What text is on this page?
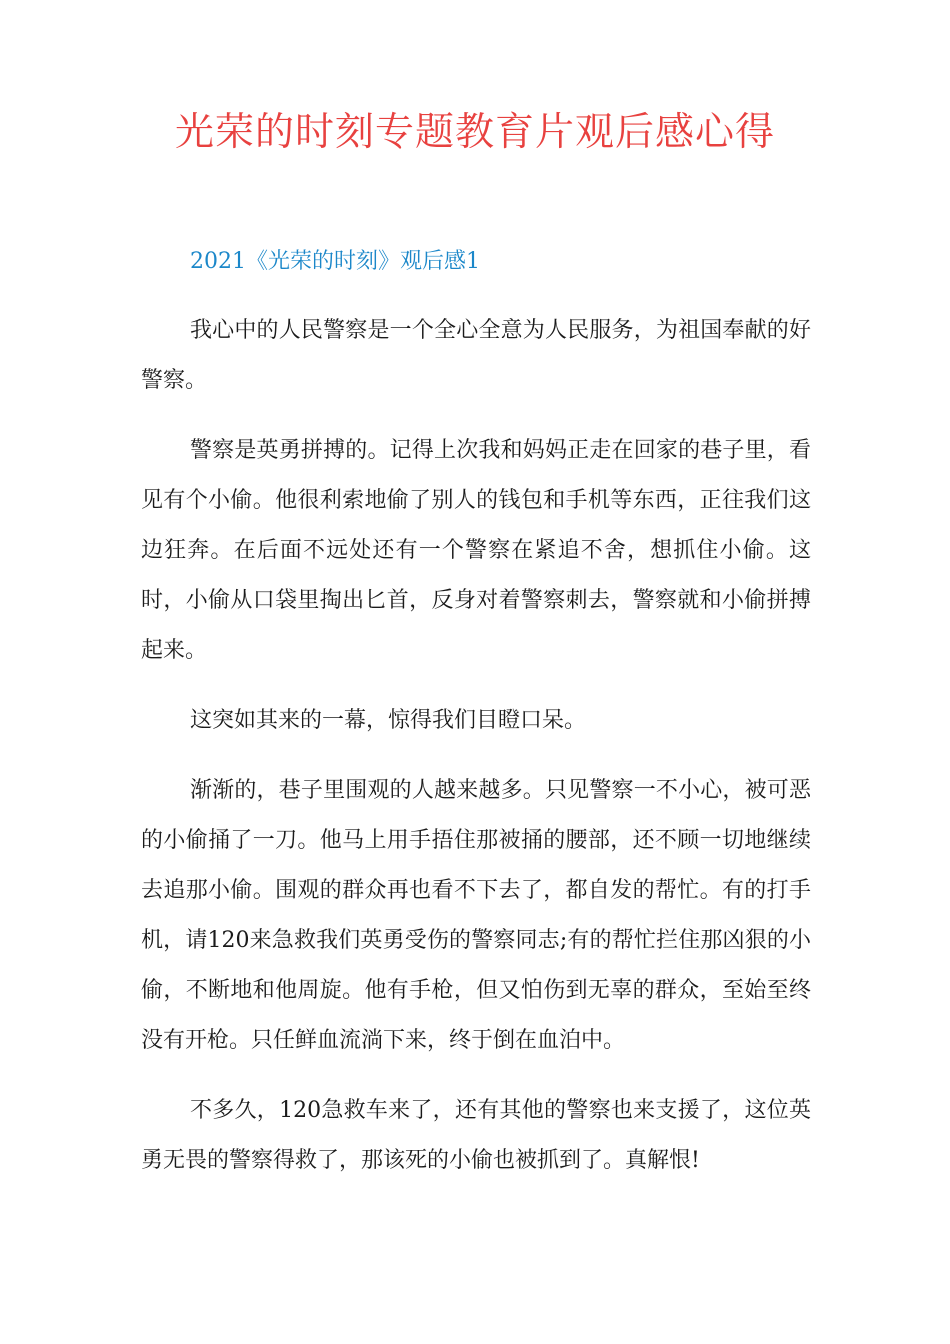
光荣的时刻专题教育片观后感心得
2021《光荣的时刻》观后感1

我心中的人民警察是一个全心全意为人民服务，为祖国奉献的好警察。

警察是英勇拼搏的。记得上次我和妈妈正走在回家的巷子里，看见有个小偷。他很利索地偷了别人的钱包和手机等东西，正往我们这边狂奔。在后面不远处还有一个警察在紧追不舍，想抓住小偷。这时，小偷从口袋里掏出匕首，反身对着警察刺去，警察就和小偷拼搏起来。

这突如其来的一幕，惊得我们目瞪口呆。

渐渐的，巷子里围观的人越来越多。只见警察一不小心，被可恶的小偷捅了一刀。他马上用手捂住那被捅的腰部，还不顾一切地继续去追那小偷。围观的群众再也看不下去了，都自发的帮忙。有的打手机，请120来急救我们英勇受伤的警察同志;有的帮忙拦住那凶狠的小偷，不断地和他周旋。他有手枪，但又怕伤到无辜的群众，至始至终没有开枪。只任鲜血流淌下来，终于倒在血泊中。

不多久，120急救车来了，还有其他的警察也来支援了，这位英勇无畏的警察得救了，那该死的小偷也被抓到了。真解恨!
